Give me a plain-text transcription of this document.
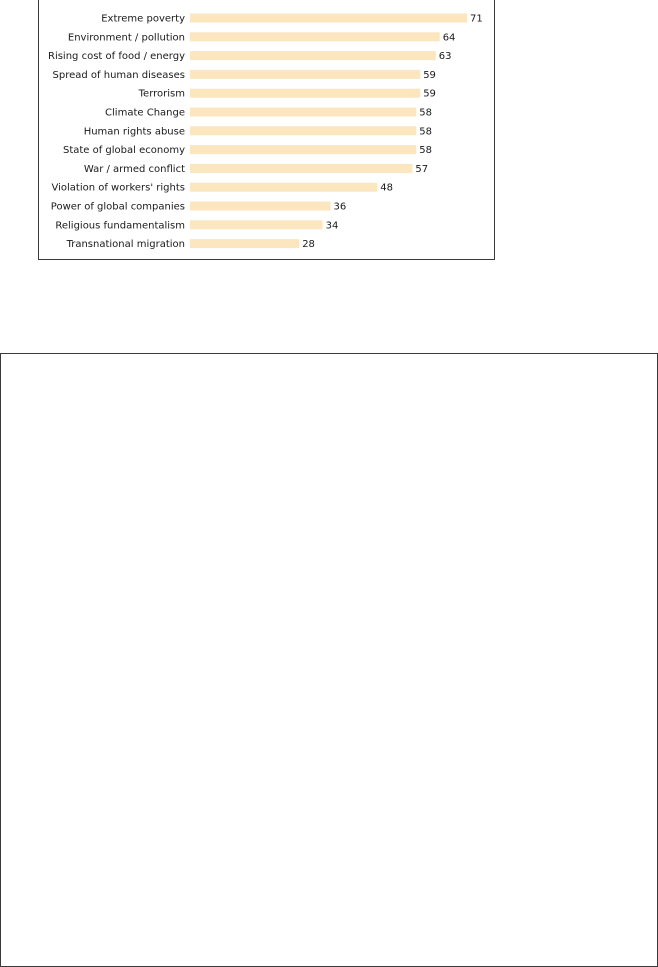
Extreme poverty
Environment / pollution
Rising cost of food / energy
Spread of human diseases
Terrorism
Climate Change
Human rights abuse
State of global economy
War / armed conflict
Violation of workers' rights
Power of global companies
Religious fundamentalism
Transnational migration
71
64
63
59
59
58
58
58
57
48
36
34
28
